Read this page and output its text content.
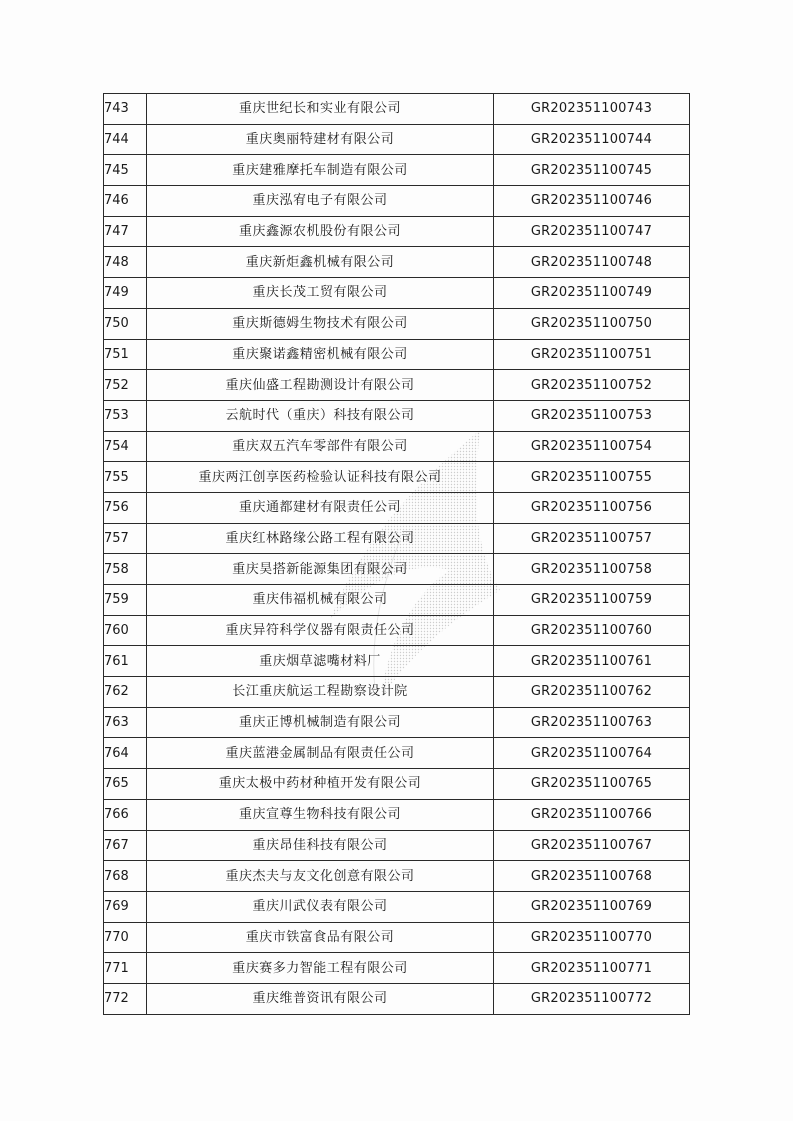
743	重庆世纪长和实业有限公司	GR202351100743
744	重庆奥丽特建材有限公司	GR202351100744
745	重庆建雅摩托车制造有限公司	GR202351100745
746	重庆泓宥电子有限公司	GR202351100746
747	重庆鑫源农机股份有限公司	GR202351100747
748	重庆新炬鑫机械有限公司	GR202351100748
749	重庆长茂工贸有限公司	GR202351100749
750	重庆斯德姆生物技术有限公司	GR202351100750
751	重庆聚诺鑫精密机械有限公司	GR202351100751
752	重庆仙盛工程勘测设计有限公司	GR202351100752
753	云航时代（重庆）科技有限公司	GR202351100753
754	重庆双五汽车零部件有限公司	GR202351100754
755	重庆两江创享医药检验认证科技有限公司	GR202351100755
756	重庆通都建材有限责任公司	GR202351100756
757	重庆红林路缘公路工程有限公司	GR202351100757
758	重庆昊搭新能源集团有限公司	GR202351100758
759	重庆伟福机械有限公司	GR202351100759
760	重庆异符科学仪器有限责任公司	GR202351100760
761	重庆烟草滤嘴材料厂	GR202351100761
762	长江重庆航运工程勘察设计院	GR202351100762
763	重庆正博机械制造有限公司	GR202351100763
764	重庆蓝港金属制品有限责任公司	GR202351100764
765	重庆太极中药材种植开发有限公司	GR202351100765
766	重庆宣尊生物科技有限公司	GR202351100766
767	重庆昂佳科技有限公司	GR202351100767
768	重庆杰夫与友文化创意有限公司	GR202351100768
769	重庆川武仪表有限公司	GR202351100769
770	重庆市铁富食品有限公司	GR202351100770
771	重庆赛多力智能工程有限公司	GR202351100771
772	重庆维普资讯有限公司	GR202351100772
